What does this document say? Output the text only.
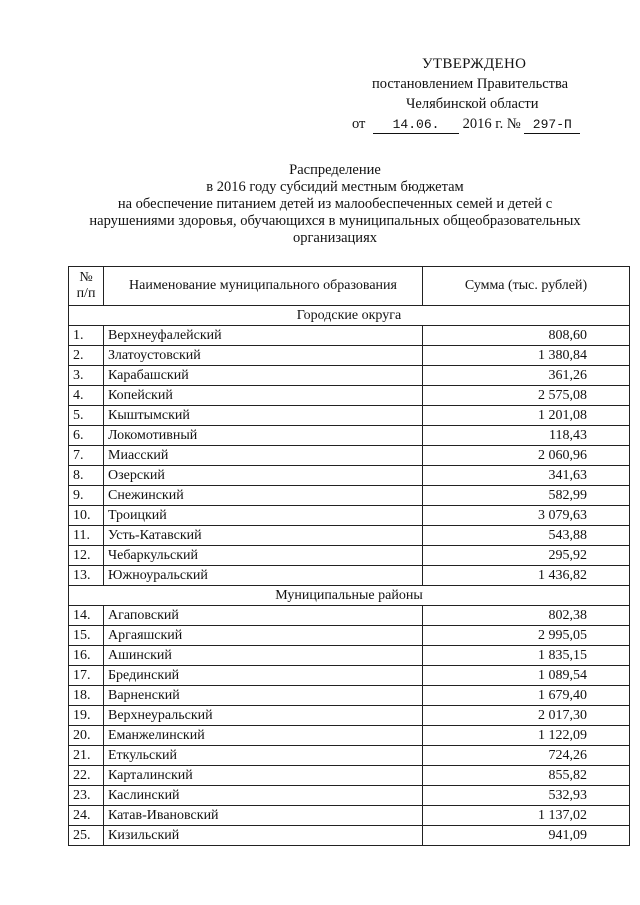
УТВЕРЖДЕНО
постановлением Правительства
Челябинской области
от 14.06. 2016 г. № 297-П
Распределение
в 2016 году субсидий местным бюджетам
на обеспечение питанием детей из малообеспеченных семей и детей с
нарушениями здоровья, обучающихся в муниципальных общеобразовательных
организациях
№ п/п	Наименование муниципального образования	Сумма (тыс. рублей)
Городские округа		
1.	Верхнеуфалейский	808,60
2.	Златоустовский	1 380,84
3.	Карабашский	361,26
4.	Копейский	2 575,08
5.	Кыштымский	1 201,08
6.	Локомотивный	118,43
7.	Миасский	2 060,96
8.	Озерский	341,63
9.	Снежинский	582,99
10.	Троицкий	3 079,63
11.	Усть-Катавский	543,88
12.	Чебаркульский	295,92
13.	Южноуральский	1 436,82
Муниципальные районы		
14.	Агаповский	802,38
15.	Аргаяшский	2 995,05
16.	Ашинский	1 835,15
17.	Брединский	1 089,54
18.	Варненский	1 679,40
19.	Верхнеуральский	2 017,30
20.	Еманжелинский	1 122,09
21.	Еткульский	724,26
22.	Карталинский	855,82
23.	Каслинский	532,93
24.	Катав-Ивановский	1 137,02
25.	Кизильский	941,09
